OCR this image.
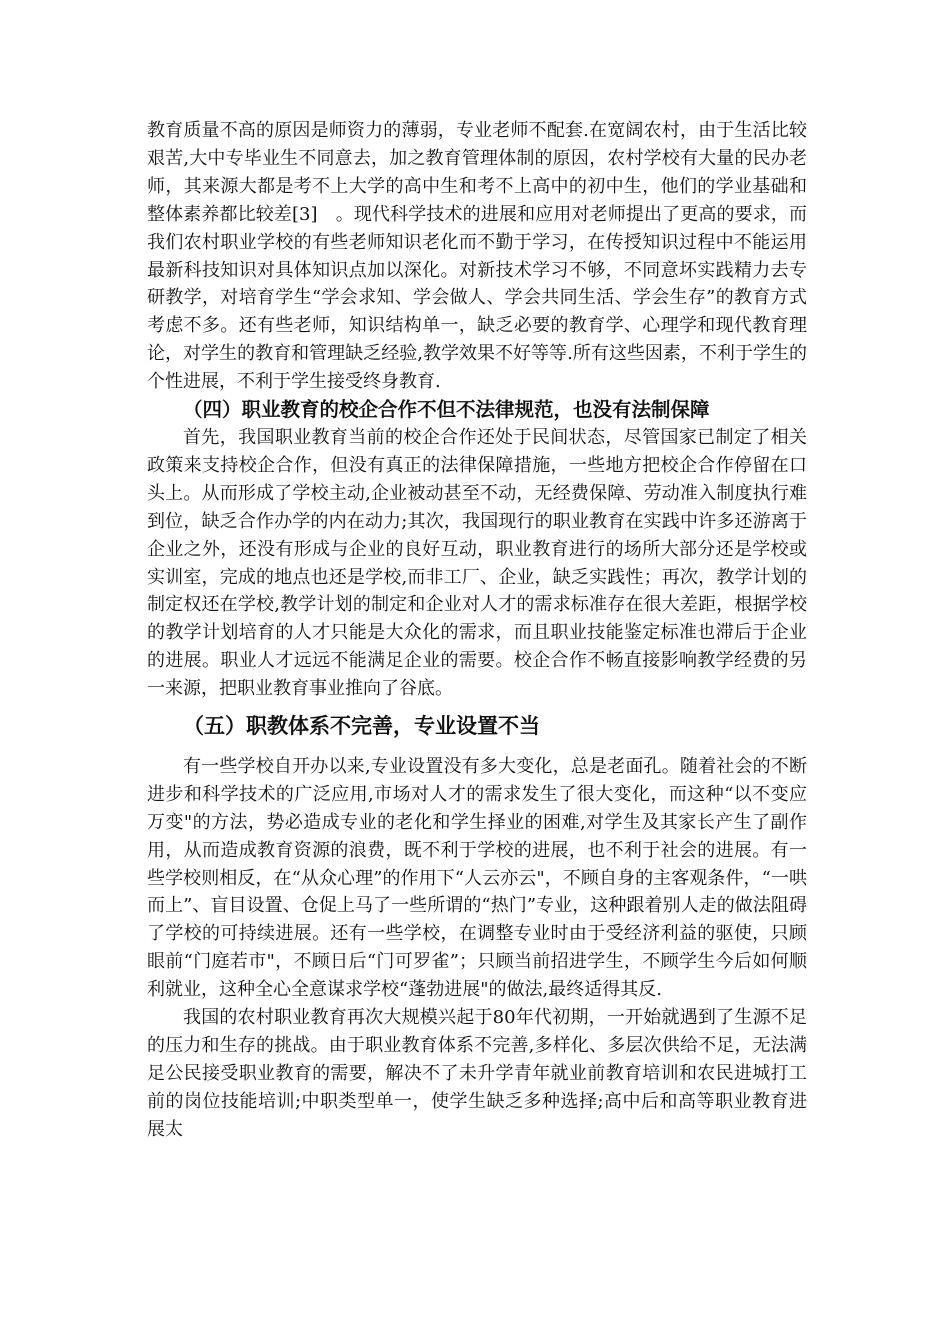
教育质量不高的原因是师资力的薄弱，专业老师不配套.在宽阔农村，由于生活比较艰苦,大中专毕业生不同意去，加之教育管理体制的原因，农村学校有大量的民办老师，其来源大都是考不上大学的高中生和考不上高中的初中生，他们的学业基础和整体素养都比较差[3]　。现代科学技术的进展和应用对老师提出了更高的要求，而我们农村职业学校的有些老师知识老化而不勤于学习，在传授知识过程中不能运用最新科技知识对具体知识点加以深化。对新技术学习不够，不同意坏实践精力去专研教学，对培育学生“学会求知、学会做人、学会共同生活、学会生存”的教育方式考虑不多。还有些老师，知识结构单一，缺乏必要的教育学、心理学和现代教育理论，对学生的教育和管理缺乏经验,教学效果不好等等.所有这些因素，不利于学生的个性进展，不利于学生接受终身教育.

（四）职业教育的校企合作不但不法律规范，也没有法制保障

首先，我国职业教育当前的校企合作还处于民间状态，尽管国家已制定了相关政策来支持校企合作，但没有真正的法律保障措施，一些地方把校企合作停留在口头上。从而形成了学校主动,企业被动甚至不动，无经费保障、劳动准入制度执行难到位，缺乏合作办学的内在动力;其次，我国现行的职业教育在实践中许多还游离于企业之外，还没有形成与企业的良好互动，职业教育进行的场所大部分还是学校或实训室，完成的地点也还是学校,而非工厂、企业，缺乏实践性；再次，教学计划的制定权还在学校,教学计划的制定和企业对人才的需求标准存在很大差距，根据学校的教学计划培育的人才只能是大众化的需求，而且职业技能鉴定标准也滞后于企业的进展。职业人才远远不能满足企业的需要。校企合作不畅直接影响教学经费的另一来源，把职业教育事业推向了谷底。

（五）职教体系不完善，专业设置不当

有一些学校自开办以来,专业设置没有多大变化，总是老面孔。随着社会的不断进步和科学技术的广泛应用,市场对人才的需求发生了很大变化，而这种“以不变应万变"的方法，势必造成专业的老化和学生择业的困难,对学生及其家长产生了副作用，从而造成教育资源的浪费，既不利于学校的进展，也不利于社会的进展。有一些学校则相反，在“从众心理”的作用下“人云亦云"，不顾自身的主客观条件，“一哄而上”、盲目设置、仓促上马了一些所谓的“热门”专业，这种跟着别人走的做法阻碍了学校的可持续进展。还有一些学校，在调整专业时由于受经济利益的驱使，只顾眼前“门庭若市"，不顾日后“门可罗雀”；只顾当前招进学生，不顾学生今后如何顺利就业，这种全心全意谋求学校“蓬勃进展"的做法,最终适得其反.

我国的农村职业教育再次大规模兴起于80年代初期，一开始就遇到了生源不足的压力和生存的挑战。由于职业教育体系不完善,多样化、多层次供给不足，无法满足公民接受职业教育的需要，解决不了未升学青年就业前教育培训和农民进城打工前的岗位技能培训;中职类型单一，使学生缺乏多种选择;高中后和高等职业教育进展太
